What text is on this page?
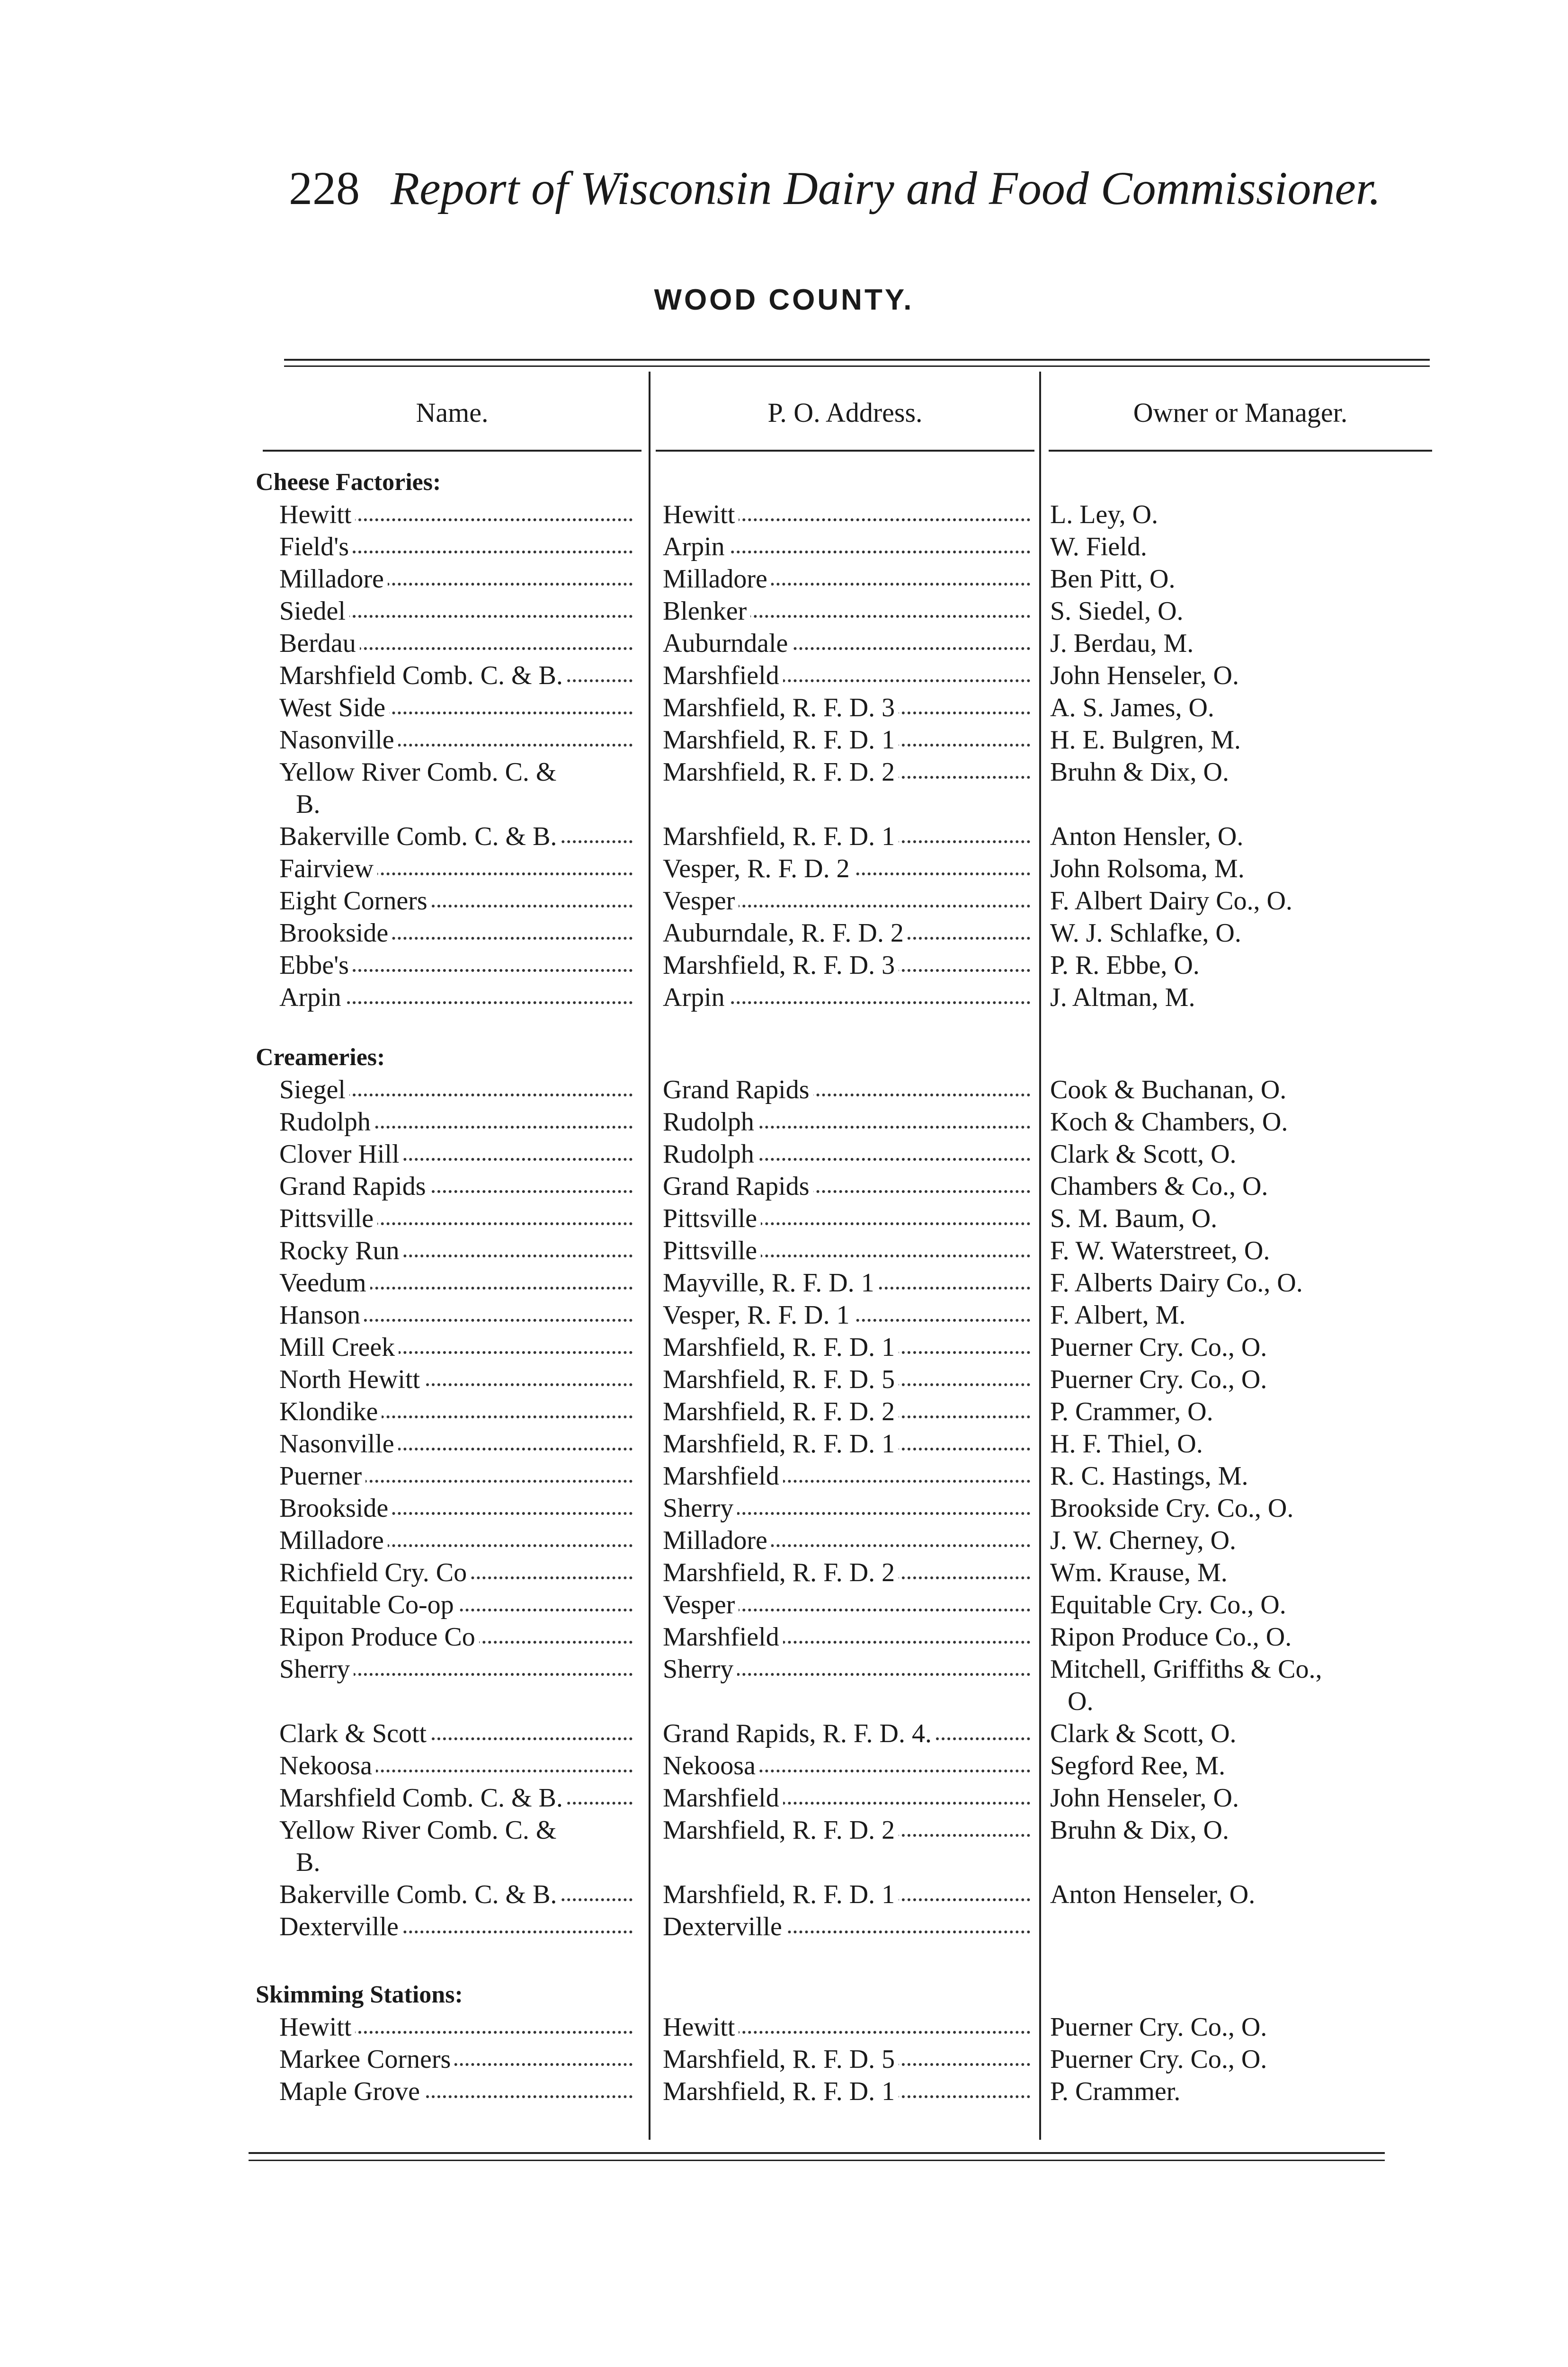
228 Report of Wisconsin Dairy and Food Commissioner.
WOOD COUNTY.
Name.	P. O. Address.	Owner or Manager.
Cheese Factories:
Hewitt	Hewitt	L. Ley, O.
Field's	Arpin	W. Field.
Milladore	Milladore	Ben Pitt, O.
Siedel	Blenker	S. Siedel, O.
Berdau	Auburndale	J. Berdau, M.
Marshfield Comb. C. & B.	Marshfield	John Henseler, O.
West Side	Marshfield, R. F. D. 3	A. S. James, O.
Nasonville	Marshfield, R. F. D. 1	H. E. Bulgren, M.
Yellow River Comb. C. &	Marshfield, R. F. D. 2	Bruhn & Dix, O.
B.
Bakerville Comb. C. & B.	Marshfield, R. F. D. 1	Anton Hensler, O.
Fairview	Vesper, R. F. D. 2	John Rolsoma, M.
Eight Corners	Vesper	F. Albert Dairy Co., O.
Brookside	Auburndale, R. F. D. 2	W. J. Schlafke, O.
Ebbe's	Marshfield, R. F. D. 3	P. R. Ebbe, O.
Arpin	Arpin	J. Altman, M.
Creameries:
Siegel	Grand Rapids	Cook & Buchanan, O.
Rudolph	Rudolph	Koch & Chambers, O.
Clover Hill	Rudolph	Clark & Scott, O.
Grand Rapids	Grand Rapids	Chambers & Co., O.
Pittsville	Pittsville	S. M. Baum, O.
Rocky Run	Pittsville	F. W. Waterstreet, O.
Veedum	Mayville, R. F. D. 1	F. Alberts Dairy Co., O.
Hanson	Vesper, R. F. D. 1	F. Albert, M.
Mill Creek	Marshfield, R. F. D. 1	Puerner Cry. Co., O.
North Hewitt	Marshfield, R. F. D. 5	Puerner Cry. Co., O.
Klondike	Marshfield, R. F. D. 2	P. Crammer, O.
Nasonville	Marshfield, R. F. D. 1	H. F. Thiel, O.
Puerner	Marshfield	R. C. Hastings, M.
Brookside	Sherry	Brookside Cry. Co., O.
Milladore	Milladore	J. W. Cherney, O.
Richfield Cry. Co	Marshfield, R. F. D. 2	Wm. Krause, M.
Equitable Co-op	Vesper	Equitable Cry. Co., O.
Ripon Produce Co	Marshfield	Ripon Produce Co., O.
Sherry	Sherry	Mitchell, Griffiths & Co.,
O.
Clark & Scott	Grand Rapids, R. F. D. 4.	Clark & Scott, O.
Nekoosa	Nekoosa	Segford Ree, M.
Marshfield Comb. C. & B.	Marshfield	John Henseler, O.
Yellow River Comb. C. &	Marshfield, R. F. D. 2	Bruhn & Dix, O.
B.
Bakerville Comb. C. & B.	Marshfield, R. F. D. 1	Anton Henseler, O.
Dexterville	Dexterville
Skimming Stations:
Hewitt	Hewitt	Puerner Cry. Co., O.
Markee Corners	Marshfield, R. F. D. 5	Puerner Cry. Co., O.
Maple Grove	Marshfield, R. F. D. 1	P. Crammer.
